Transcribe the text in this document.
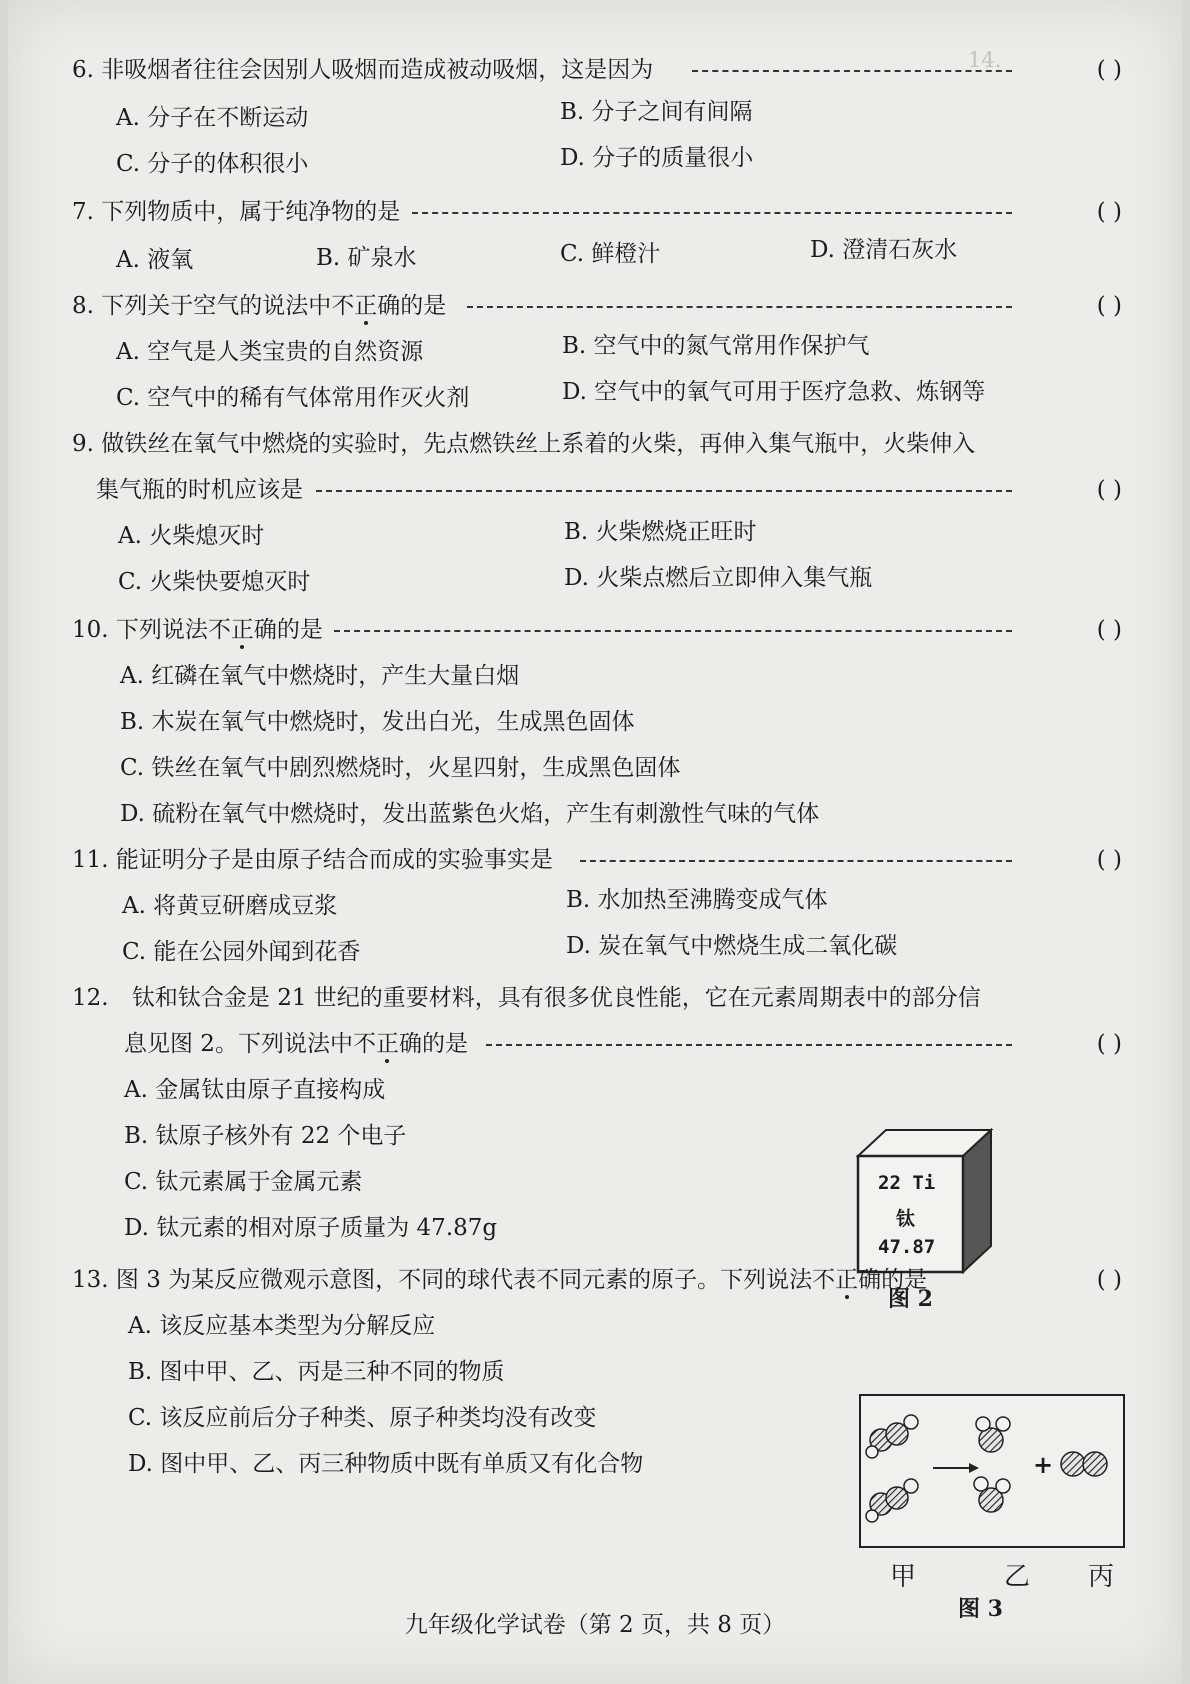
14.
6. 非吸烟者往往会因别人吸烟而造成被动吸烟，这是因为	( )
A. 分子在不断运动	B. 分子之间有间隔
C. 分子的体积很小	D. 分子的质量很小
7. 下列物质中，属于纯净物的是	( )
A. 液氧	B. 矿泉水	C. 鲜橙汁	D. 澄清石灰水
8. 下列关于空气的说法中不正确的是	( )
A. 空气是人类宝贵的自然资源	B. 空气中的氮气常用作保护气
C. 空气中的稀有气体常用作灭火剂	D. 空气中的氧气可用于医疗急救、炼钢等
9. 做铁丝在氧气中燃烧的实验时，先点燃铁丝上系着的火柴，再伸入集气瓶中，火柴伸入
集气瓶的时机应该是	( )
A. 火柴熄灭时	B. 火柴燃烧正旺时
C. 火柴快要熄灭时	D. 火柴点燃后立即伸入集气瓶
10. 下列说法不正确的是	( )
A. 红磷在氧气中燃烧时，产生大量白烟
B. 木炭在氧气中燃烧时，发出白光，生成黑色固体
C. 铁丝在氧气中剧烈燃烧时，火星四射，生成黑色固体
D. 硫粉在氧气中燃烧时，发出蓝紫色火焰，产生有刺激性气味的气体
11. 能证明分子是由原子结合而成的实验事实是	( )
A. 将黄豆研磨成豆浆	B. 水加热至沸腾变成气体
C. 能在公园外闻到花香	D. 炭在氧气中燃烧生成二氧化碳
12. 钛和钛合金是 21 世纪的重要材料，具有很多优良性能，它在元素周期表中的部分信
息见图 2。下列说法中不正确的是	( )
A. 金属钛由原子直接构成
B. 钛原子核外有 22 个电子
C. 钛元素属于金属元素
D. 钛元素的相对原子质量为 47.87g
22 Ti
钛
47.87
图 2
13. 图 3 为某反应微观示意图，不同的球代表不同元素的原子。下列说法不正确的是	( )
A. 该反应基本类型为分解反应
B. 图中甲、乙、丙是三种不同的物质
C. 该反应前后分子种类、原子种类均没有改变
D. 图中甲、乙、丙三种物质中既有单质又有化合物	+
甲	乙 丙
图 3
九年级化学试卷（第 2 页，共 8 页）
